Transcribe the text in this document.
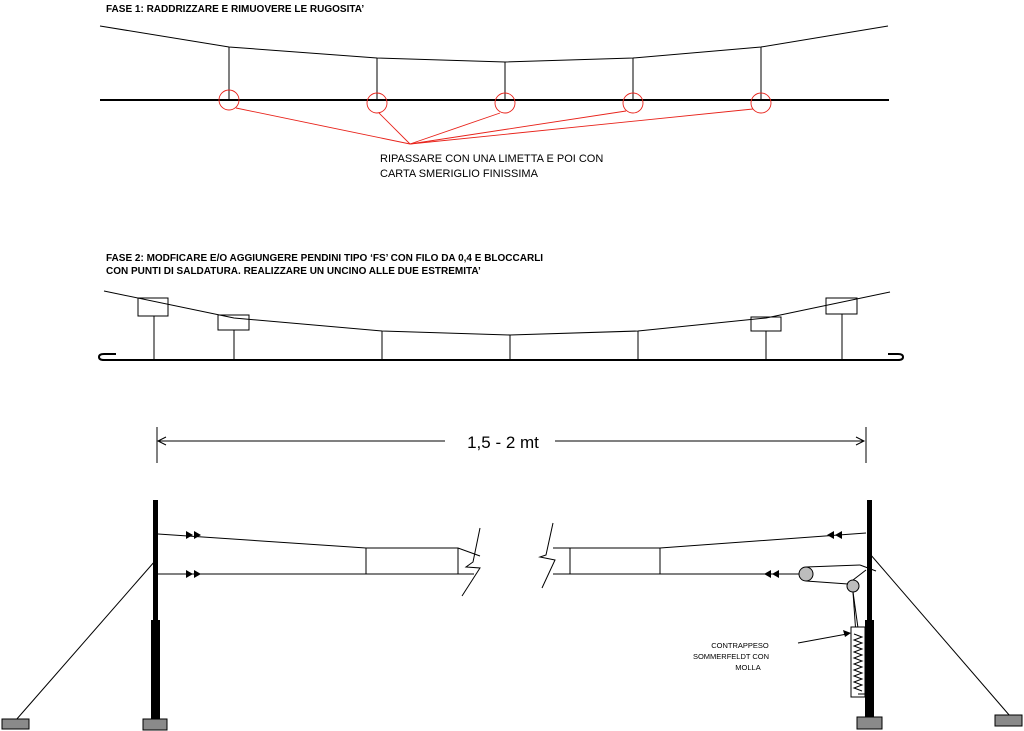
FASE 1: RADDRIZZARE E RIMUOVERE LE RUGOSITA’
RIPASSARE CON UNA LIMETTA E POI CON
CARTA SMERIGLIO FINISSIMA
FASE 2: MODFICARE E/O AGGIUNGERE PENDINI TIPO ‘FS’ CON FILO DA 0,4 E BLOCCARLI
CON PUNTI DI SALDATURA. REALIZZARE UN UNCINO ALLE DUE ESTREMITA’
1,5 - 2 mt
CONTRAPPESO
SOMMERFELDT CON
MOLLA
